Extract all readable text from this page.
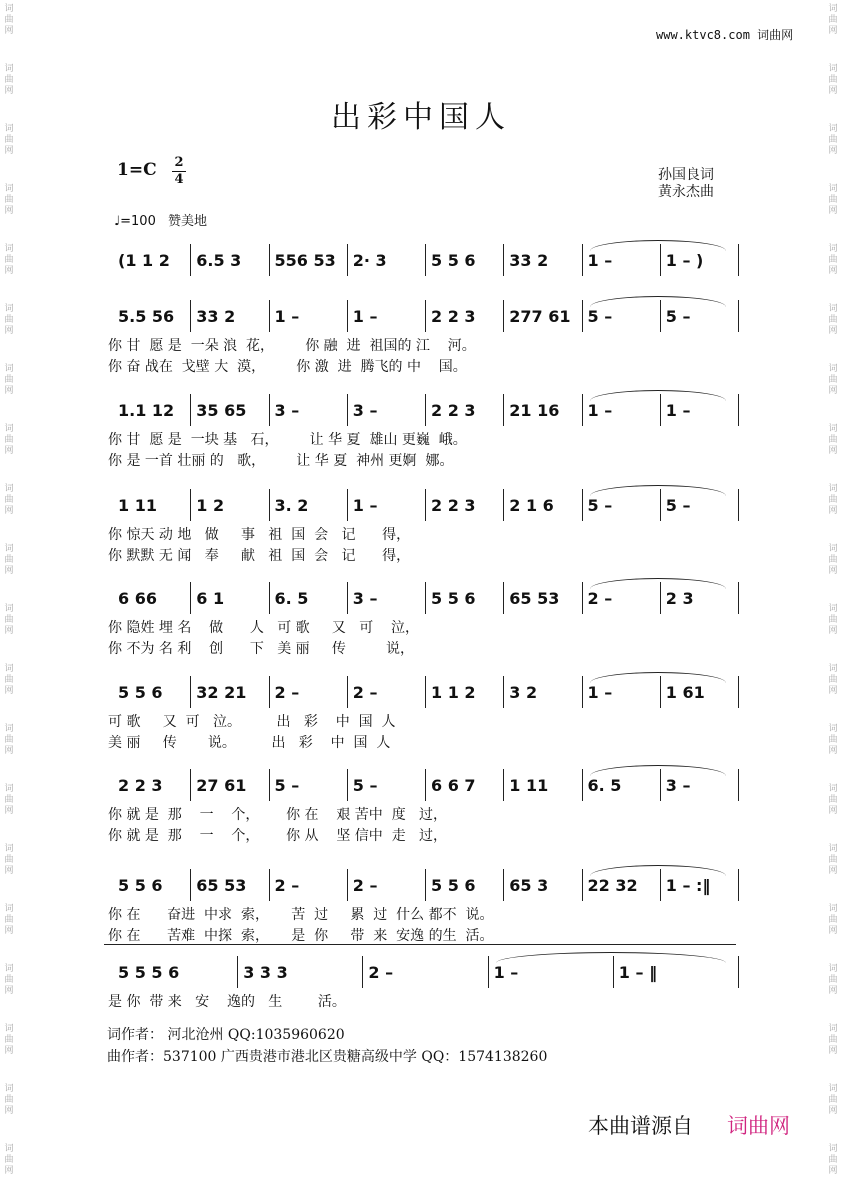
词
曲
网
词
曲
网
词
曲
网
词
曲
网
词
曲
网
词
曲
网
词
曲
网
词
曲
网
词
曲
网
词
曲
网
词
曲
网
词
曲
网
词
曲
网
词
曲
网
词
曲
网
词
曲
网
词
曲
网
词
曲
网
词
曲
网
词
曲
网
词
曲
网
词
曲
网
词
曲
网
词
曲
网
词
曲
网
词
曲
网
词
曲
网
词
曲
网
词
曲
网
词
曲
网
词
曲
网
词
曲
网
词
曲
网
词
曲
网
词
曲
网
词
曲
网
词
曲
网
词
曲
网
词
曲
网
词
曲
网
www.ktvc8.com 词曲网
出彩中国人
1=C 2
4	孙国良词
黄永杰曲
♩=100 赞美地
(1 1 2 6.5 3 556 53 2· 3	5 5 6 33 2 1 –	1 – )
5.5 56 33 2 1 –	1 –	2 2 3 277 61 5 –	5 –
你 甘  愿 是  一朵 浪  花，       你 融  进  祖国的 江    河。
你 奋 战在  戈壁 大  漠，       你 激  进  腾飞的 中    国。
1.1 12 35 65 3 –	3 –	2 2 3 21 16 1 –	1 –
你 甘  愿 是  一块 基   石，       让 华 夏  雄山 更巍  峨。
你 是 一首 壮丽 的   歌，       让 华 夏  神州 更婀  娜。
1 11 1 2	3. 2	1 –	2 2 3 2 1 6 5 –	5 –
你 惊天 动 地   做     事   祖  国  会   记      得，
你 默默 无 闻   奉     献   祖  国  会   记      得，
6 66 6 1	6. 5	3 –	5 5 6 65 53 2 –	2 3
你 隐姓 埋 名    做      人   可 歌     又   可    泣，
你 不为 名 利    创      下   美 丽     传         说，
5 5 6 32 21 2 –	2 –	1 1 2 3 2	1 –	1 61
可 歌     又  可   泣。        出   彩    中  国  人
美 丽     传       说。        出   彩    中  国  人
2 2 3 27 61 5 –	5 –	6 6 7 1 11 6. 5	3 –
你 就 是  那    一    个，      你 在    艰 苦中  度   过，
你 就 是  那    一    个，      你 从    坚 信中  走   过，
5 5 6 65 53 2 –	2 –	5 5 6 65 3 22 32 1 – :‖
你 在      奋进  中求  索，     苦  过     累  过  什么 都不  说。
你 在      苦难  中探  索，     是  你     带  来  安逸 的生  活。
5 5 5 6	3 3 3	2 –	1 –	1 – ‖
是 你  带 来   安    逸的   生        活。
词作者： 河北沧州 QQ:1035960620
曲作者：537100 广西贵港市港北区贵糖高级中学 QQ：1574138260
本曲谱源自 词曲网
